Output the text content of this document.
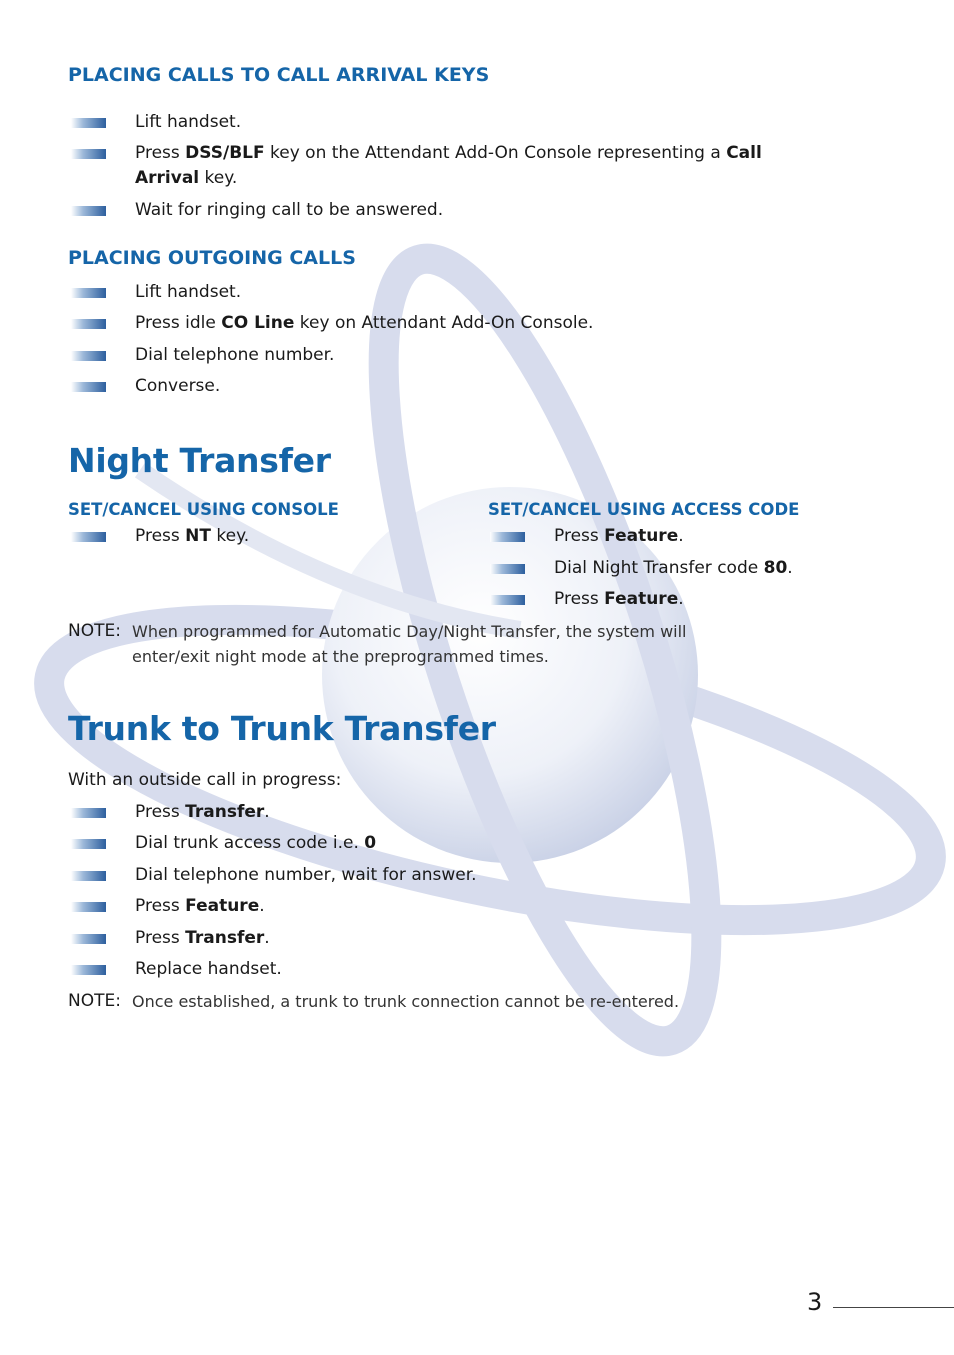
PLACING CALLS TO CALL ARRIVAL KEYS
Lift handset.
Press DSS/BLF key on the Attendant Add-On Console representing a Call
Arrival key.
Wait for ringing call to be answered.
PLACING OUTGOING CALLS
Lift handset.
Press idle CO Line key on Attendant Add-On Console.
Dial telephone number.
Converse.
Night Transfer
SET/CANCEL USING CONSOLE	SET/CANCEL USING ACCESS CODE
Press NT key.	Press Feature.
Dial Night Transfer code 80.
Press Feature.
NOTE: When programmed for Automatic Day/Night Transfer, the system will
enter/exit night mode at the preprogrammed times.
Trunk to Trunk Transfer
With an outside call in progress:
Press Transfer.
Dial trunk access code i.e. 0
Dial telephone number, wait for answer.
Press Feature.
Press Transfer.
Replace handset.
NOTE: Once established, a trunk to trunk connection cannot be re-entered.
3
